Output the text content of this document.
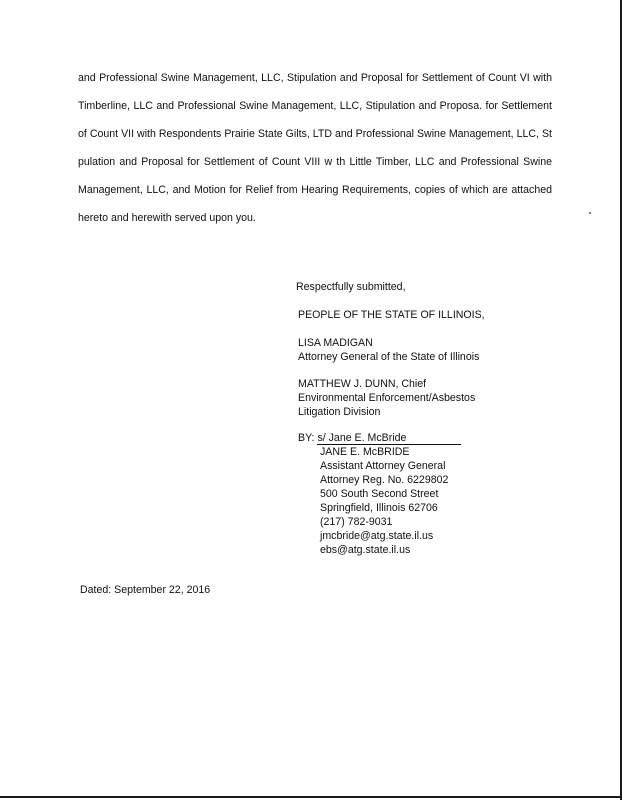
and Professional Swine Management, LLC, Stipulation and Proposal for Settlement of Count VI with Timberline, LLC and Professional Swine Management, LLC, Stipulation and Proposa. for Settlement of Count VII with Respondents Prairie State Gilts, LTD and Professional Swine Management, LLC, St pulation and Proposal for Settlement of Count VIII w th Little Timber, LLC and Professional Swine Management, LLC, and Motion for Relief from Hearing Requirements, copies of which are attached hereto and herewith served upon you.

Respectfully submitted,
PEOPLE OF THE STATE OF ILLINOIS,
LISA MADIGAN
Attorney General of the State of Illinois
MATTHEW J. DUNN, Chief
Environmental Enforcement/Asbestos
Litigation Division
BY: s/ Jane E. McBride
JANE E. McBRIDE
Assistant Attorney General
Attorney Reg. No. 6229802
500 South Second Street
Springfield, Illinois 62706
(217) 782-9031
jmcbride@atg.state.il.us
ebs@atg.state.il.us
Dated: September 22, 2016
